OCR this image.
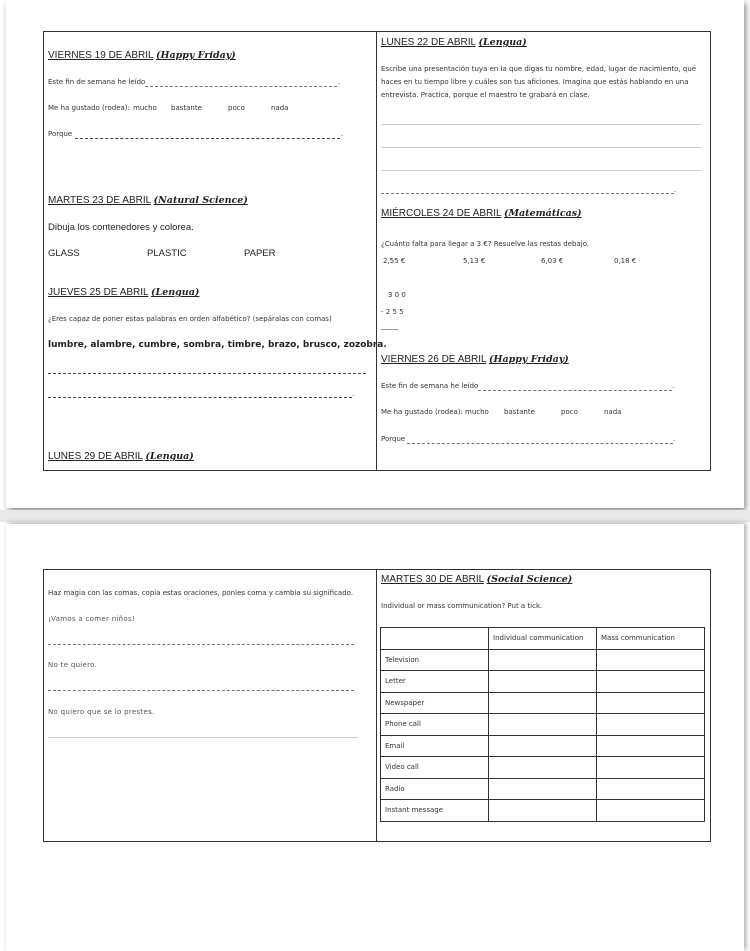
VIERNES 19 DE ABRIL (Happy Friday)
Este fin de semana he leído	.
Me ha gustado (rodea): mucho bastante	poco	nada
Porque	.
MARTES 23 DE ABRIL (Natural Science)
Dibuja los contenedores y colorea.
GLASS	PLASTIC	PAPER
JUEVES 25 DE ABRIL (Lengua)
¿Eres capaz de poner estas palabras en orden alfabético? (sepáralas con comas)
lumbre, alambre, cumbre, sombra, timbre, brazo, brusco, zozobra.
.
LUNES 29 DE ABRIL (Lengua)
LUNES 22 DE ABRIL (Lengua)
Escribe una presentación tuya en la que digas tu nombre, edad, lugar de nacimiento, qué
haces en tu tiempo libre y cuáles son tus aficiones. Imagina que estás hablando en una
entrevista. Practica, porque el maestro te grabará en clase.
.
MIÉRCOLES 24 DE ABRIL (Matemáticas)
¿Cuánto falta para llegar a 3 €? Resuelve las restas debajo.
2,55 €	5,13 €	6,03 €	0,18 €
3 0 0
- 2 5 5
_____
VIERNES 26 DE ABRIL (Happy Friday)
Este fin de semana he leído	.
Me ha gustado (rodea): mucho bastante	poco	nada
Porque	.
Haz magia con las comas, copia estas oraciones, ponles coma y cambia su significado.
¡Vamos a comer niños!
No te quiero.
No quiero que se lo prestes.
MARTES 30 DE ABRIL (Social Science)
Individual or mass communication? Put a tick.
	Individual communication	Mass communication
Television		
Letter		
Newspaper		
Phone call		
Email		
Video call		
Radio		
Instant message		
